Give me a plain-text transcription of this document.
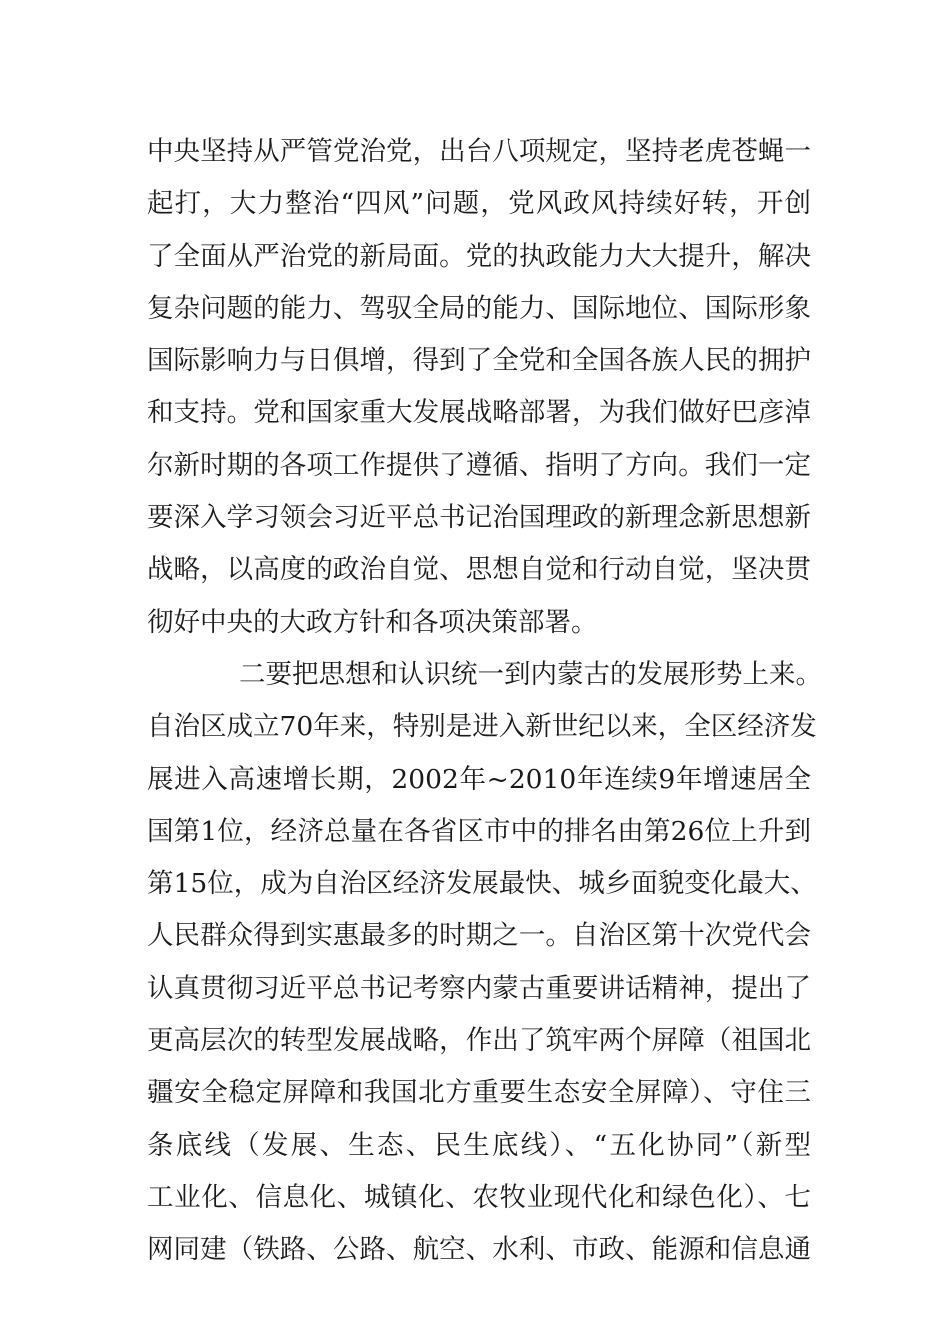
中央坚持从严管党治党，出台八项规定，坚持老虎苍蝇一
起打，大力整治“四风”问题，党风政风持续好转，开创
了全面从严治党的新局面。党的执政能力大大提升，解决
复杂问题的能力、驾驭全局的能力、国际地位、国际形象
国际影响力与日俱增，得到了全党和全国各族人民的拥护
和支持。党和国家重大发展战略部署，为我们做好巴彦淖
尔新时期的各项工作提供了遵循、指明了方向。我们一定
要深入学习领会习近平总书记治国理政的新理念新思想新
战略，以高度的政治自觉、思想自觉和行动自觉，坚决贯
彻好中央的大政方针和各项决策部署。
二要把思想和认识统一到内蒙古的发展形势上来。
自治区成立70年来，特别是进入新世纪以来，全区经济发
展进入高速增长期，2002年~2010年连续9年增速居全
国第1位，经济总量在各省区市中的排名由第26位上升到
第15位，成为自治区经济发展最快、城乡面貌变化最大、
人民群众得到实惠最多的时期之一。自治区第十次党代会
认真贯彻习近平总书记考察内蒙古重要讲话精神，提出了
更高层次的转型发展战略，作出了筑牢两个屏障（祖国北
疆安全稳定屏障和我国北方重要生态安全屏障）、守住三
条底线（发展、生态、民生底线）、“五化协同”（新型
工业化、信息化、城镇化、农牧业现代化和绿色化）、七
网同建（铁路、公路、航空、水利、市政、能源和信息通
